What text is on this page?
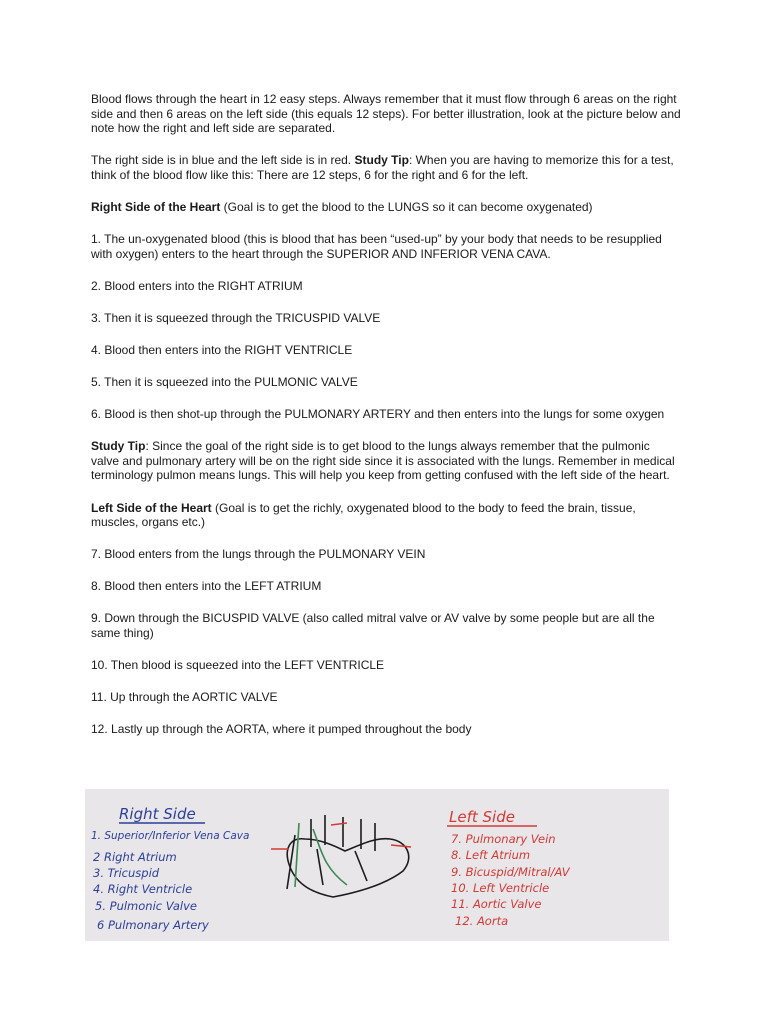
Blood flows through the heart in 12 easy steps. Always remember that it must flow through 6 areas on the right side and then 6 areas on the left side (this equals 12 steps). For better illustration, look at the picture below and note how the right and left side are separated.

The right side is in blue and the left side is in red. Study Tip: When you are having to memorize this for a test, think of the blood flow like this: There are 12 steps, 6 for the right and 6 for the left.

Right Side of the Heart (Goal is to get the blood to the LUNGS so it can become oxygenated)

1. The un-oxygenated blood (this is blood that has been “used-up” by your body that needs to be resupplied with oxygen) enters to the heart through the SUPERIOR AND INFERIOR VENA CAVA.

2. Blood enters into the RIGHT ATRIUM

3. Then it is squeezed through the TRICUSPID VALVE

4. Blood then enters into the RIGHT VENTRICLE

5. Then it is squeezed into the PULMONIC VALVE

6. Blood is then shot-up through the PULMONARY ARTERY and then enters into the lungs for some oxygen

Study Tip: Since the goal of the right side is to get blood to the lungs always remember that the pulmonic valve and pulmonary artery will be on the right side since it is associated with the lungs. Remember in medical terminology pulmon means lungs. This will help you keep from getting confused with the left side of the heart.

Left Side of the Heart (Goal is to get the richly, oxygenated blood to the body to feed the brain, tissue, muscles, organs etc.)

7. Blood enters from the lungs through the PULMONARY VEIN

8. Blood then enters into the LEFT ATRIUM

9. Down through the BICUSPID VALVE (also called mitral valve or AV valve by some people but are all the same thing)

10. Then blood is squeezed into the LEFT VENTRICLE

11. Up through the AORTIC VALVE

12. Lastly up through the AORTA, where it pumped throughout the body

Right Side
1. Superior/Inferior Vena Cava
2 Right Atrium
3. Tricuspid
4. Right Ventricle
5. Pulmonic Valve
6 Pulmonary Artery
Left Side
7. Pulmonary Vein
8. Left Atrium
9. Bicuspid/Mitral/AV
10. Left Ventricle
11. Aortic Valve
12. Aorta
